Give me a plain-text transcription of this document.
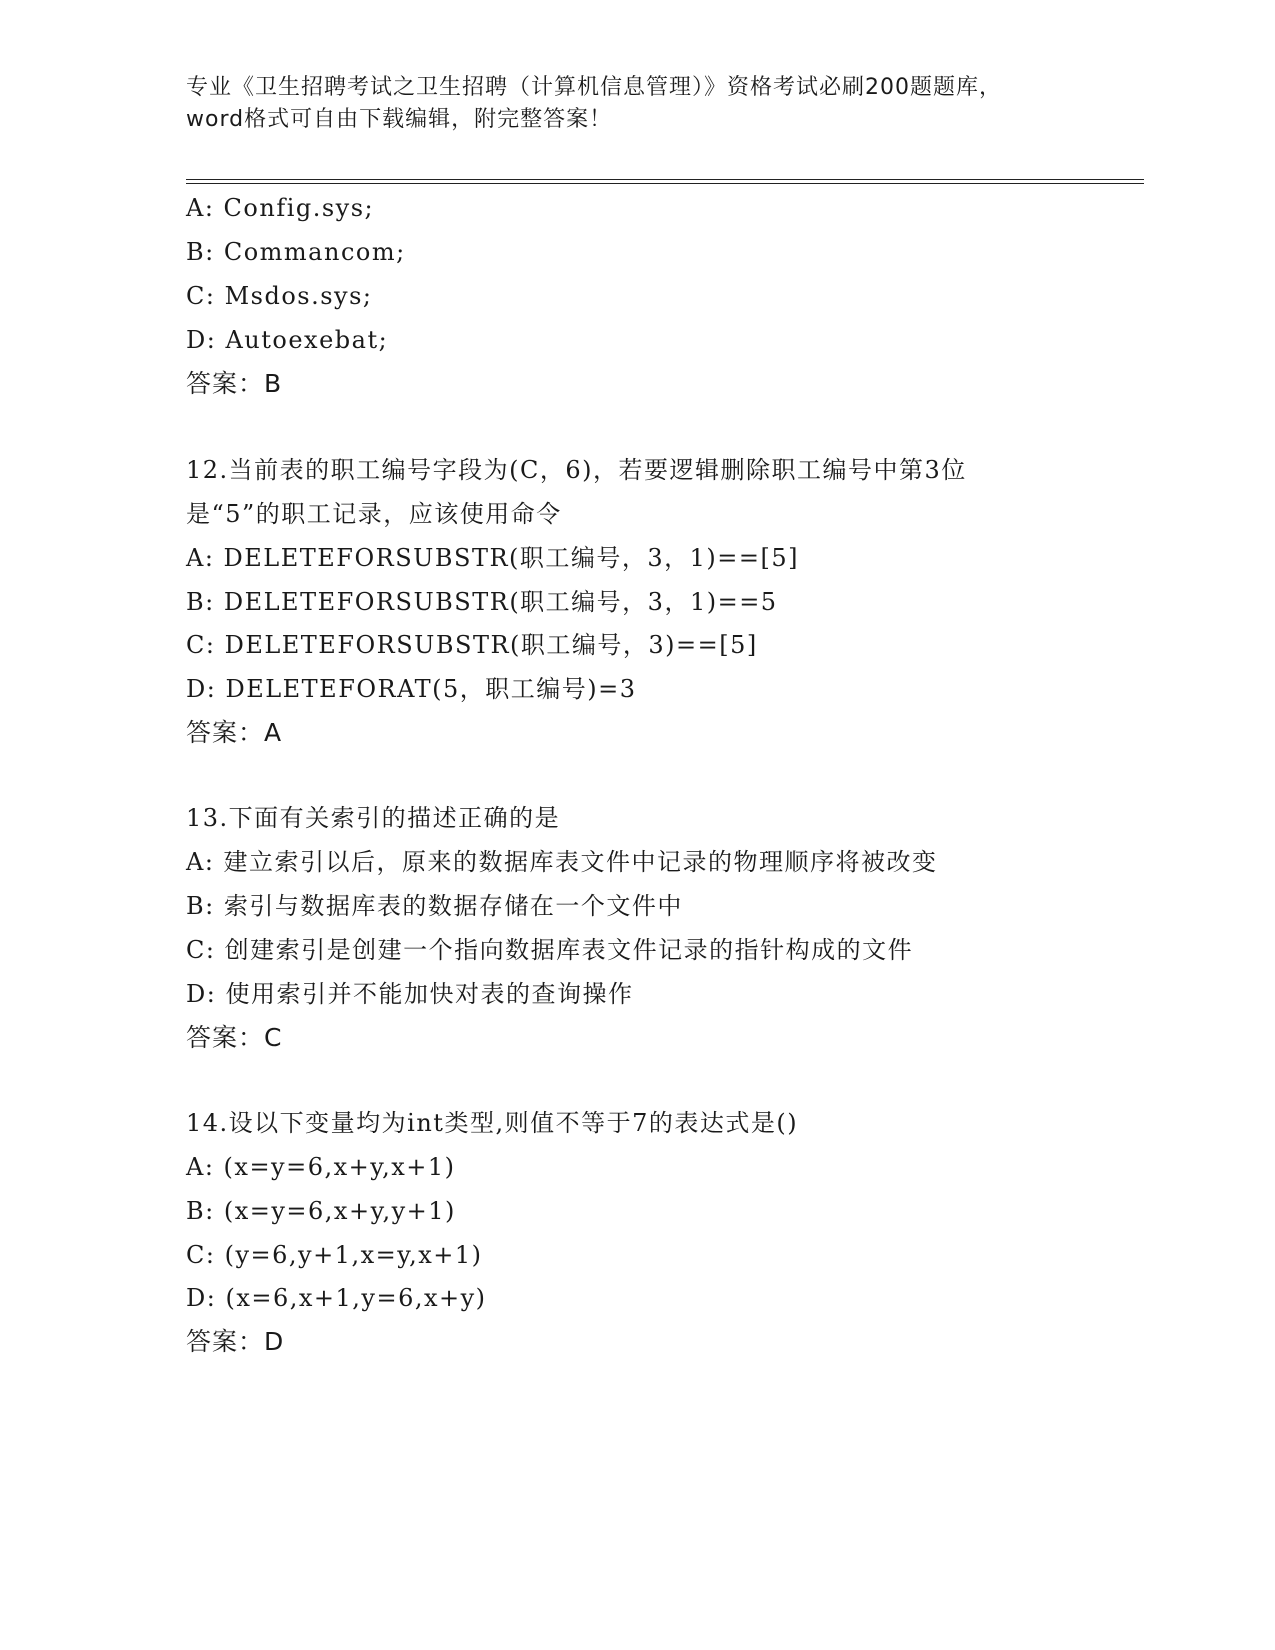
专业《卫生招聘考试之卫生招聘（计算机信息管理）》资格考试必刷200题题库，
word格式可自由下载编辑，附完整答案！
A: Config.sys;
B: Commancom;
C: Msdos.sys;
D: Autoexebat;
答案：B
12.当前表的职工编号字段为(C，6)，若要逻辑删除职工编号中第3位
是“5”的职工记录，应该使用命令
A: DELETEFORSUBSTR(职工编号，3，1)==[5]
B: DELETEFORSUBSTR(职工编号，3，1)==5
C: DELETEFORSUBSTR(职工编号，3)==[5]
D: DELETEFORAT(5，职工编号)=3
答案：A
13.下面有关索引的描述正确的是
A: 建立索引以后，原来的数据库表文件中记录的物理顺序将被改变
B: 索引与数据库表的数据存储在一个文件中
C: 创建索引是创建一个指向数据库表文件记录的指针构成的文件
D: 使用索引并不能加快对表的查询操作
答案：C
14.设以下变量均为int类型,则值不等于7的表达式是()
A: (x=y=6,x+y,x+1)
B: (x=y=6,x+y,y+1)
C: (y=6,y+1,x=y,x+1)
D: (x=6,x+1,y=6,x+y)
答案：D
